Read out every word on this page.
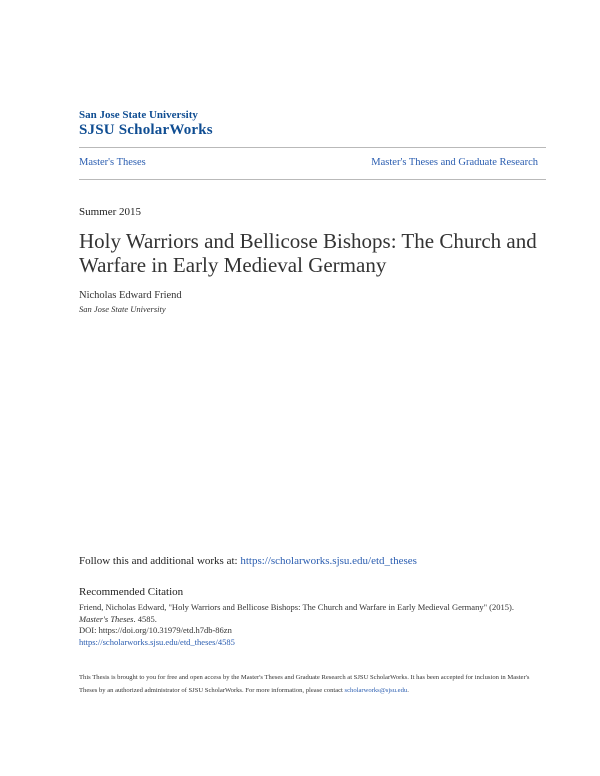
San Jose State University
SJSU ScholarWorks
Master's Theses	Master's Theses and Graduate Research
Summer 2015
Holy Warriors and Bellicose Bishops: The Church and Warfare in Early Medieval Germany
Nicholas Edward Friend
San Jose State University
Follow this and additional works at: https://scholarworks.sjsu.edu/etd_theses
Recommended Citation
Friend, Nicholas Edward, "Holy Warriors and Bellicose Bishops: The Church and Warfare in Early Medieval Germany" (2015).
Master's Theses. 4585.
DOI: https://doi.org/10.31979/etd.h7db-86zn
https://scholarworks.sjsu.edu/etd_theses/4585
This Thesis is brought to you for free and open access by the Master's Theses and Graduate Research at SJSU ScholarWorks. It has been accepted for inclusion in Master's Theses by an authorized administrator of SJSU ScholarWorks. For more information, please contact scholarworks@sjsu.edu.
